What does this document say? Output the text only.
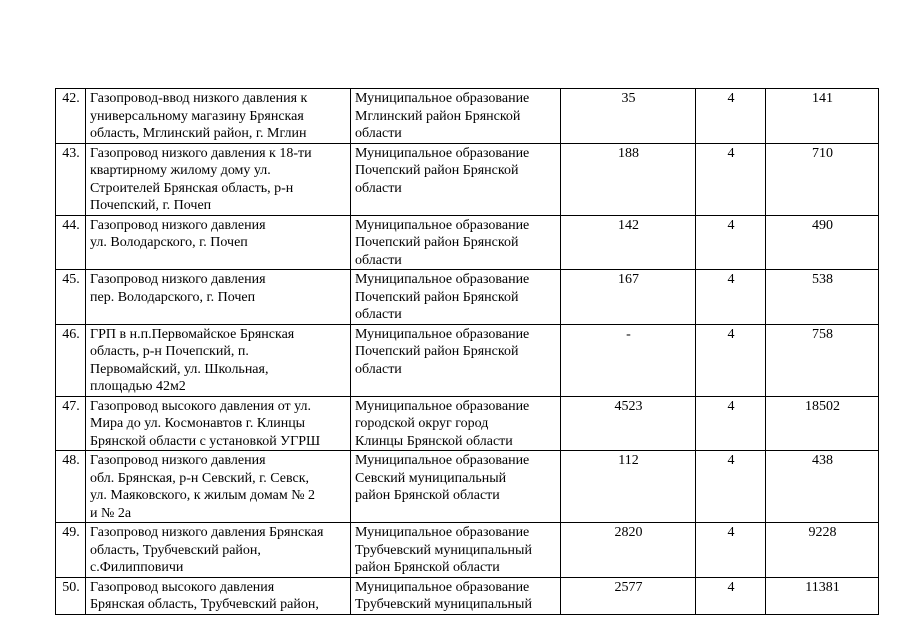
42.	Газопровод-ввод низкого давления к
универсальному магазину Брянская
область, Мглинский район, г. Мглин	Муниципальное образование
Мглинский район Брянской
области	35	4	141

43.	Газопровод низкого давления к 18-ти
квартирному жилому дому ул.
Строителей Брянская область, р-н
Почепский, г. Почеп	Муниципальное образование
Почепский район Брянской
области	188	4	710

44.	Газопровод низкого давления
ул. Володарского, г. Почеп	Муниципальное образование
Почепский район Брянской
области	142	4	490

45.	Газопровод низкого давления
пер. Володарского, г. Почеп	Муниципальное образование
Почепский район Брянской
области	167	4	538

46.	ГРП в н.п.Первомайское Брянская
область, р-н Почепский, п.
Первомайский, ул. Школьная,
площадью 42м2	Муниципальное образование
Почепский район Брянской
области	-	4	758

47.	Газопровод высокого давления от ул.
Мира до ул. Космонавтов г. Клинцы
Брянской области с установкой УГРШ	Муниципальное образование
городской округ город
Клинцы Брянской области	4523	4	18502

48.	Газопровод низкого давления
обл. Брянская, р-н Севский, г. Севск,
ул. Маяковского, к жилым домам № 2
и № 2а	Муниципальное образование
Севский муниципальный
район Брянской области	112	4	438

49.	Газопровод низкого давления Брянская
область, Трубчевский район,
с.Филипповичи	Муниципальное образование
Трубчевский муниципальный
район Брянской области	2820	4	9228

50.	Газопровод высокого давления
Брянская область, Трубчевский район,	Муниципальное образование
Трубчевский муниципальный	2577	4	11381
